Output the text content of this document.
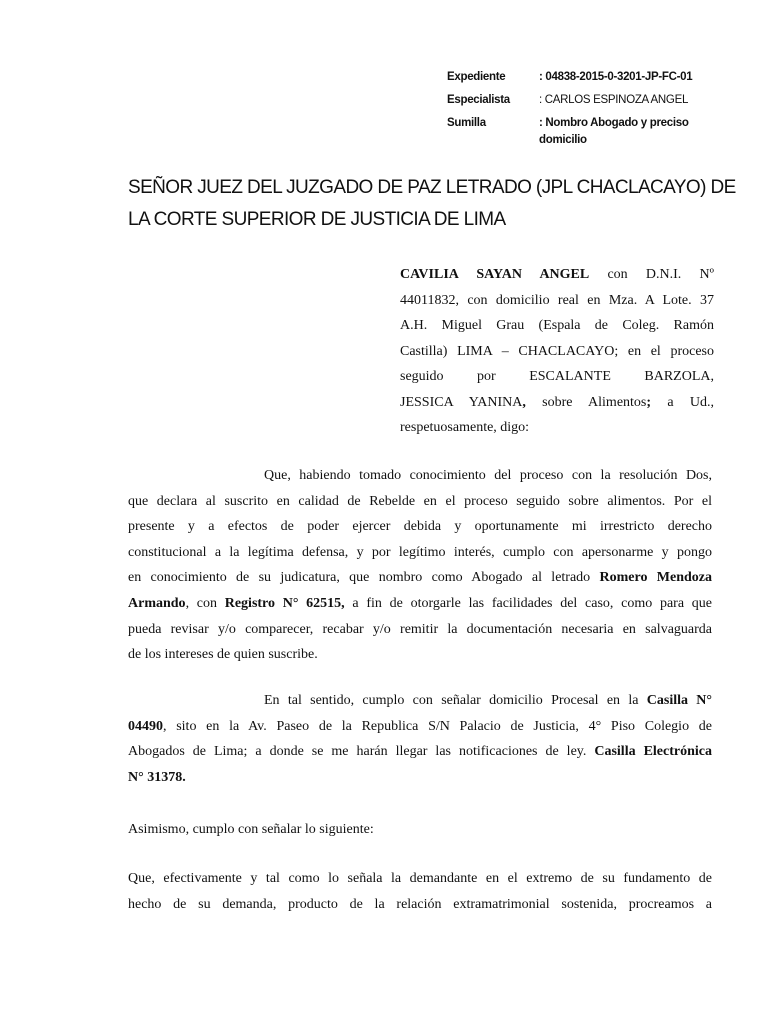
Expediente	: 04838-2015-0-3201-JP-FC-01
Especialista	: CARLOS ESPINOZA ANGEL
Sumilla	: Nombro Abogado y preciso
domicilio
SEÑOR JUEZ DEL JUZGADO DE PAZ LETRADO (JPL CHACLACAYO) DE
LA CORTE SUPERIOR DE JUSTICIA DE LIMA
CAVILIA SAYAN ANGEL con D.N.I. Nº
44011832, con domicilio real en Mza. A Lote. 37
A.H. Miguel Grau (Espala de Coleg. Ramón
Castilla) LIMA – CHACLACAYO; en el proceso
seguido por ESCALANTE BARZOLA,
JESSICA YANINA, sobre Alimentos; a Ud.,
respetuosamente, digo:
Que, habiendo tomado conocimiento del proceso con la resolución Dos,
que declara al suscrito en calidad de Rebelde en el proceso seguido sobre alimentos. Por el
presente y a efectos de poder ejercer debida y oportunamente mi irrestricto derecho
constitucional a la legítima defensa, y por legítimo interés, cumplo con apersonarme y pongo
en conocimiento de su judicatura, que nombro como Abogado al letrado Romero Mendoza
Armando, con Registro N° 62515, a fin de otorgarle las facilidades del caso, como para que
pueda revisar y/o comparecer, recabar y/o remitir la documentación necesaria en salvaguarda
de los intereses de quien suscribe.
En tal sentido, cumplo con señalar domicilio Procesal en la Casilla N°
04490, sito en la Av. Paseo de la Republica S/N Palacio de Justicia, 4° Piso Colegio de
Abogados de Lima; a donde se me harán llegar las notificaciones de ley. Casilla Electrónica
N° 31378.
Asimismo, cumplo con señalar lo siguiente:
Que, efectivamente y tal como lo señala la demandante en el extremo de su fundamento de
hecho de su demanda, producto de la relación extramatrimonial sostenida, procreamos a
